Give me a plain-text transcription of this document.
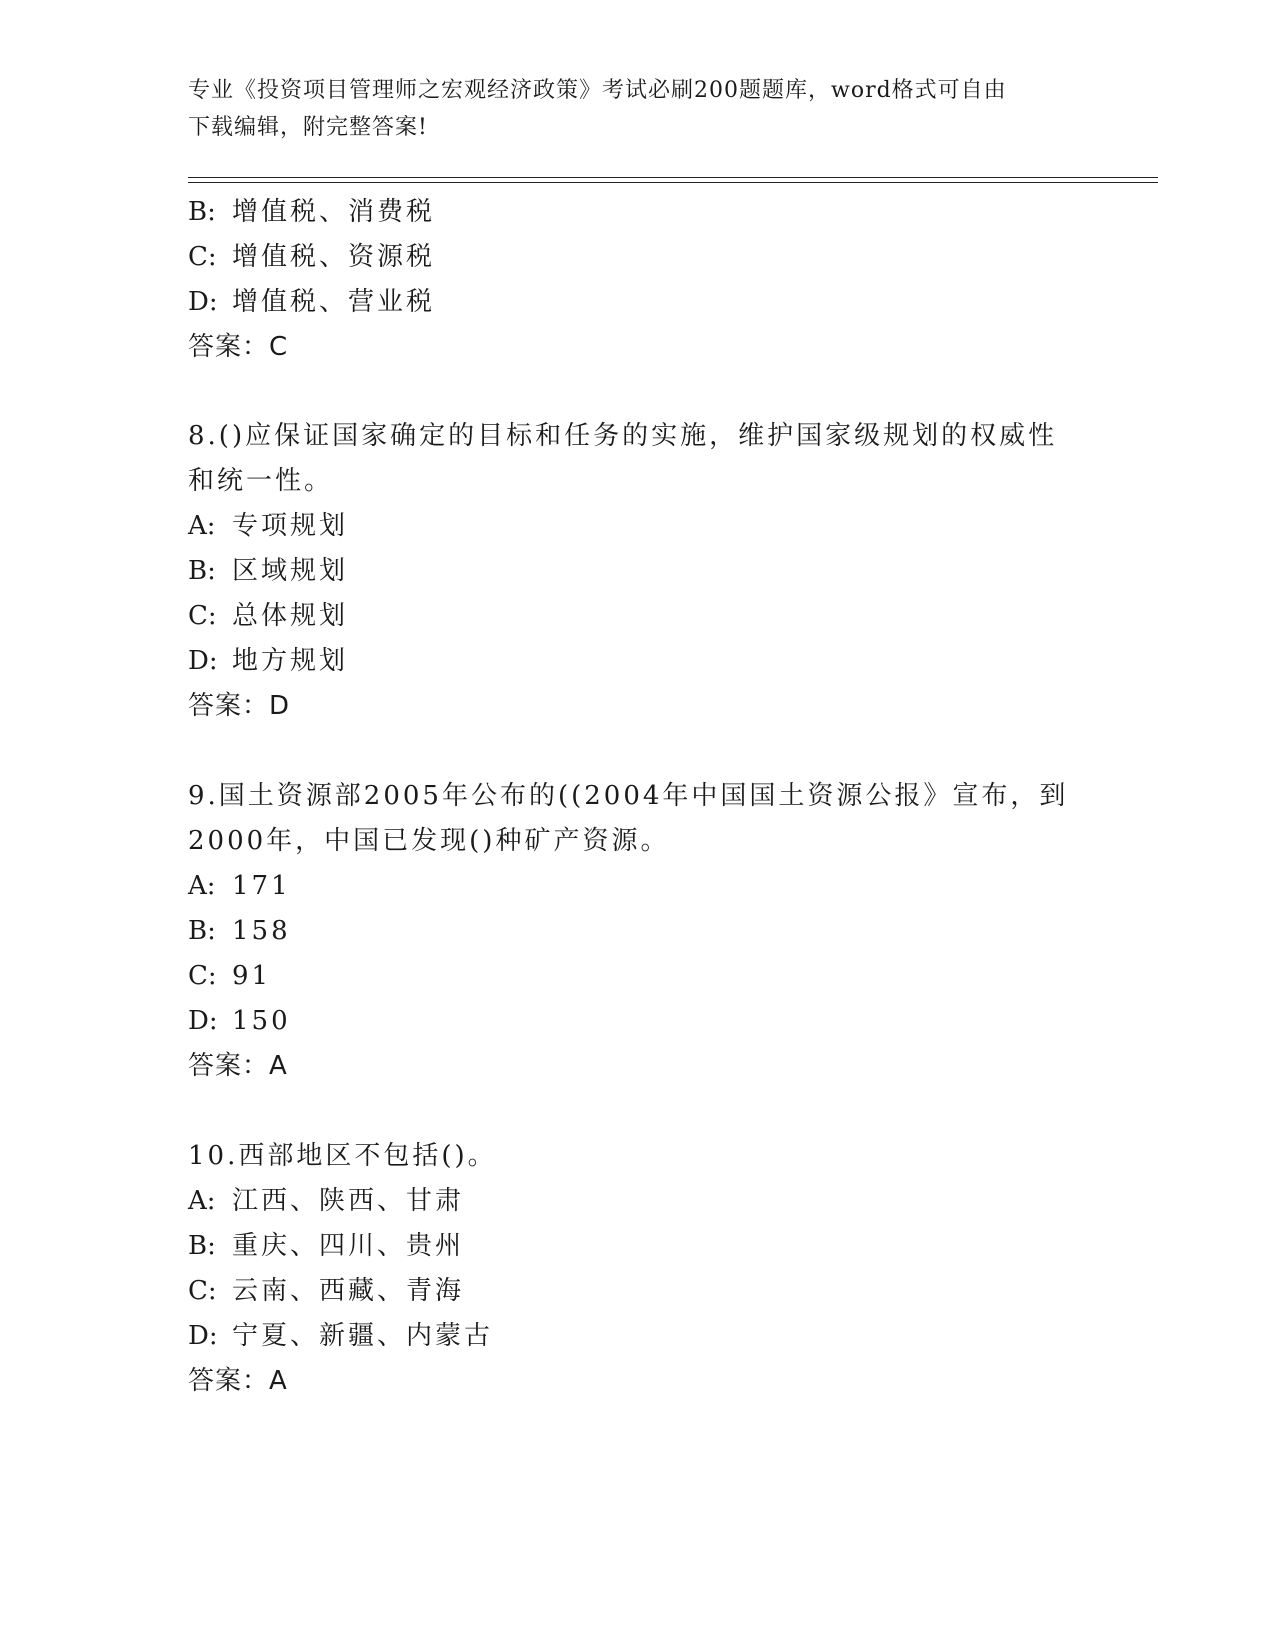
专业《投资项目管理师之宏观经济政策》考试必刷200题题库，word格式可自由
下载编辑，附完整答案!
B: 增值税、消费税
C: 增值税、资源税
D: 增值税、营业税
答案：C
8.()应保证国家确定的目标和任务的实施，维护国家级规划的权威性
和统一性。
A: 专项规划
B: 区域规划
C: 总体规划
D: 地方规划
答案：D
9.国土资源部2005年公布的((2004年中国国土资源公报》宣布，到
2000年，中国已发现()种矿产资源。
A: 171
B: 158
C: 91
D: 150
答案：A
10.西部地区不包括()。
A: 江西、陕西、甘肃
B: 重庆、四川、贵州
C: 云南、西藏、青海
D: 宁夏、新疆、内蒙古
答案：A
